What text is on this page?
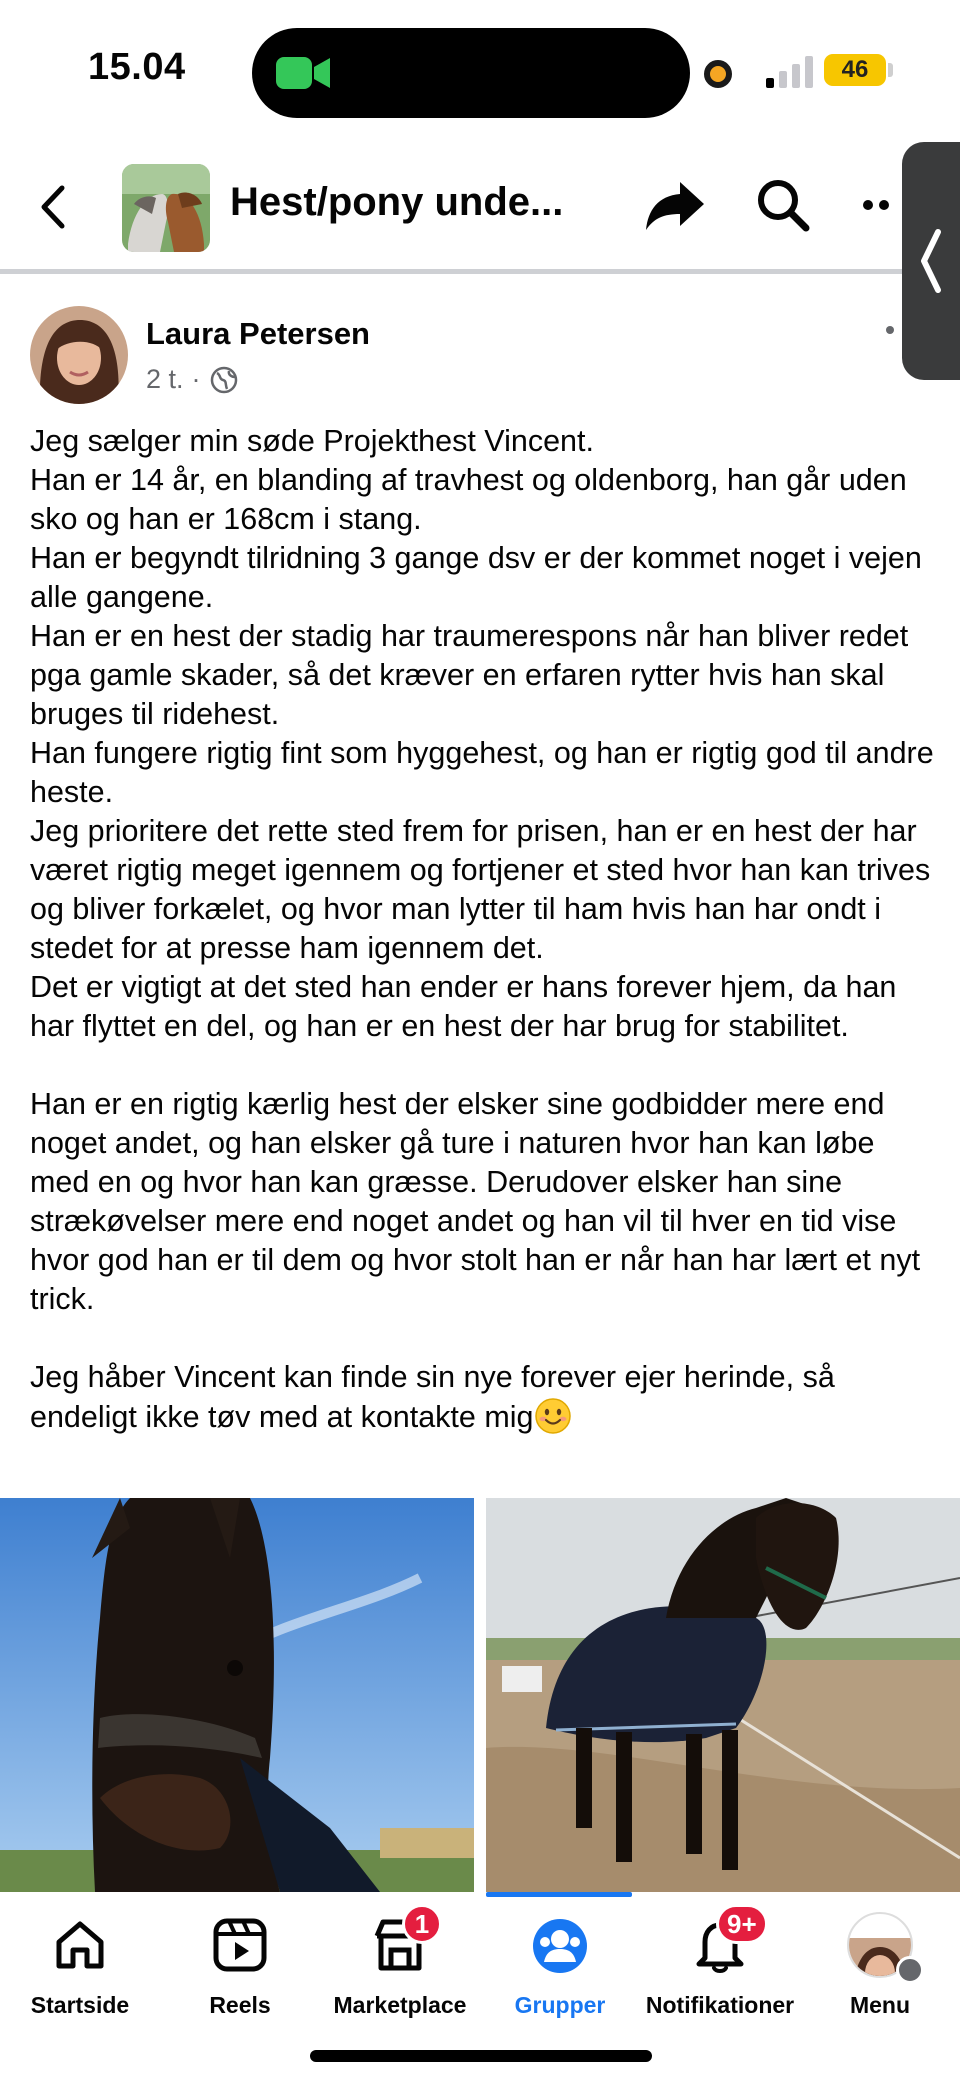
15.04	46
Hest/pony unde...
Laura Petersen
2 t. ·
Jeg sælger min søde Projekthest Vincent.
Han er 14 år, en blanding af travhest og oldenborg, han går uden sko og han er 168cm i stang.
Han er begyndt tilridning 3 gange dsv er der kommet noget i vejen alle gangene.
Han er en hest der stadig har traumerespons når han bliver redet pga gamle skader, så det kræver en erfaren rytter hvis han skal bruges til ridehest.
Han fungere rigtig fint som hyggehest, og han er rigtig god til andre heste.
Jeg prioritere det rette sted frem for prisen, han er en hest der har været rigtig meget igennem og fortjener et sted hvor han kan trives og bliver forkælet, og hvor man lytter til ham hvis han har ondt i stedet for at presse ham igennem det.
Det er vigtigt at det sted han ender er hans forever hjem, da han har flyttet en del, og han er en hest der har brug for stabilitet.

Han er en rigtig kærlig hest der elsker sine godbidder mere end noget andet, og han elsker gå ture i naturen hvor han kan løbe med en og hvor han kan græsse. Derudover elsker han sine strækøvelser mere end noget andet og han vil til hver en tid vise hvor god han er til dem og hvor stolt han er når han har lært et nyt trick.

Jeg håber Vincent kan finde sin nye forever ejer herinde, så endeligt ikke tøv med at kontakte mig
Startside	Reels
1
Marketplace	Grupper
9+
Notifikationer	Menu
